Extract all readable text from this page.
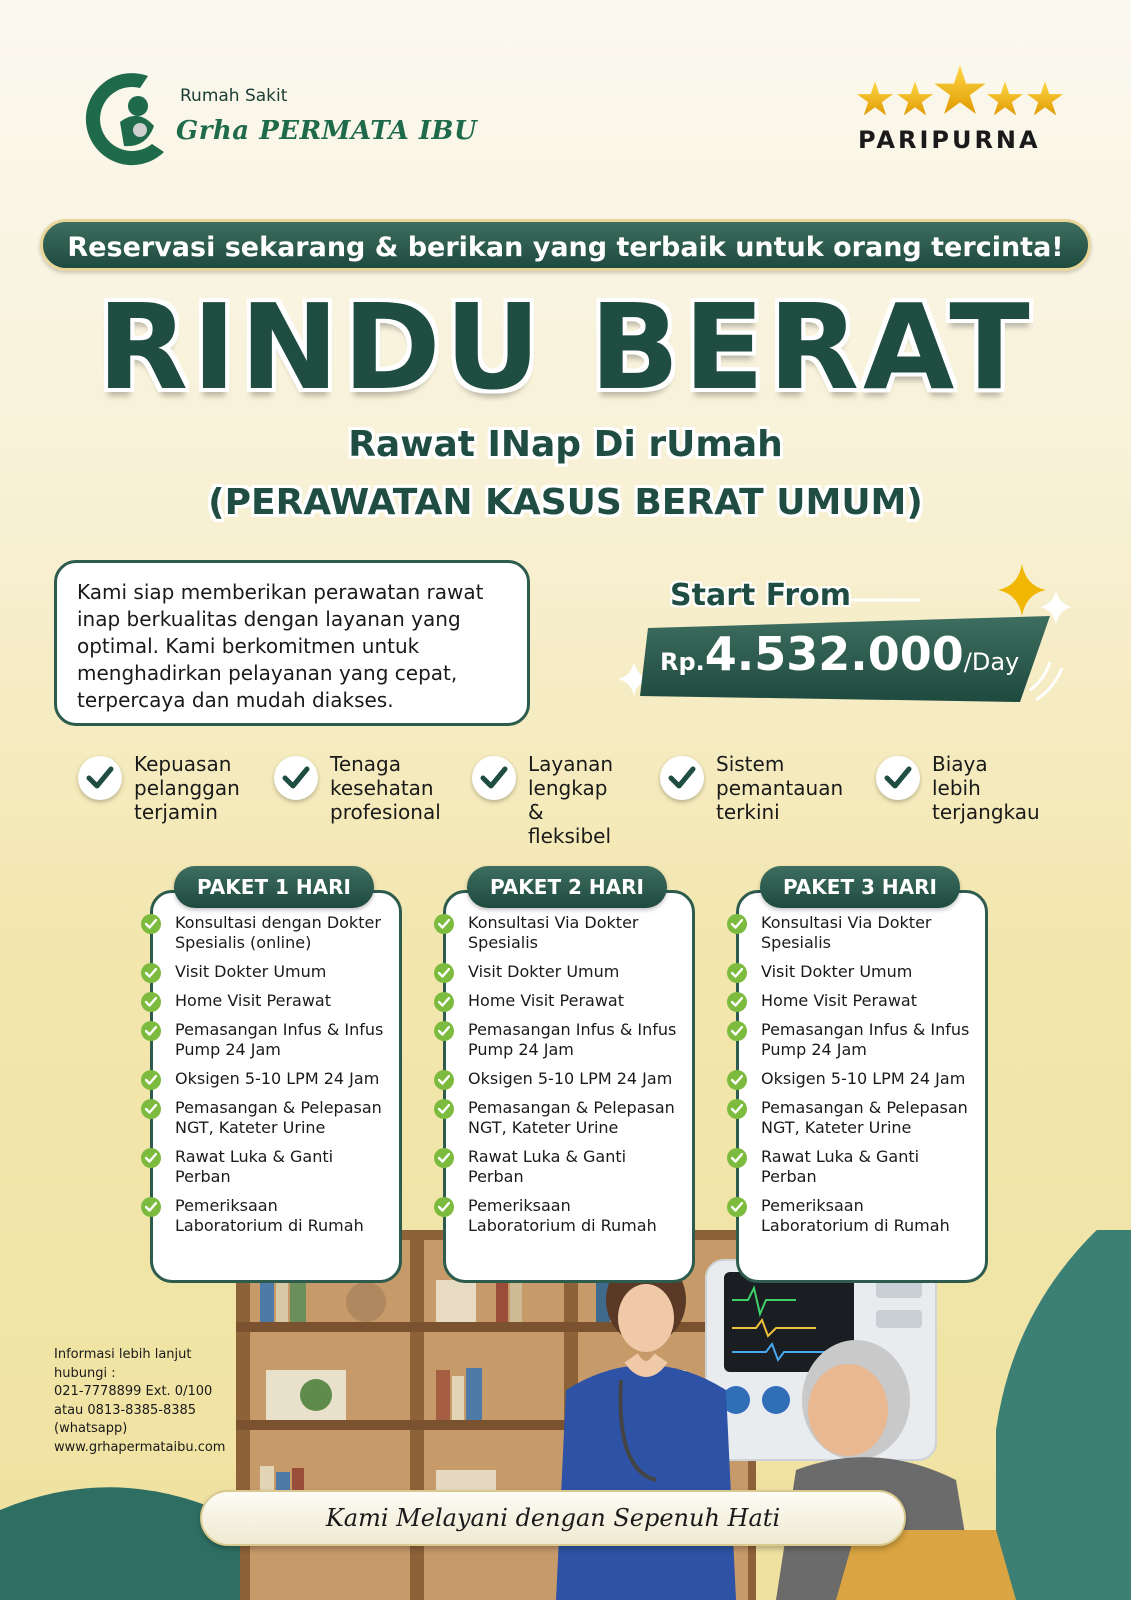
Rumah Sakit
Grha PERMATA IBU	PARIPURNA
Reservasi sekarang & berikan yang terbaik untuk orang tercinta!
RINDU BERAT
Rawat INap Di rUmah
(PERAWATAN KASUS BERAT UMUM)
Kami siap memberikan perawatan rawat inap berkualitas dengan layanan yang optimal. Kami berkomitmen untuk menghadirkan pelayanan yang cepat, terpercaya dan mudah diakses.
Start From
Rp.4.532.000/Day
Kepuasan
pelanggan
terjamin
Tenaga
kesehatan
profesional
Layanan
lengkap &
fleksibel
Sistem
pemantauan
terkini
Biaya lebih
terjangkau
Konsultasi dengan Dokter
Spesialis (online)
Visit Dokter Umum
Home Visit Perawat
Pemasangan Infus & Infus
Pump 24 Jam
Oksigen 5-10 LPM 24 Jam
Pemasangan & Pelepasan
NGT, Kateter Urine
Rawat Luka & Ganti
Perban
Pemeriksaan
Laboratorium di Rumah
Konsultasi Via Dokter
Spesialis
Visit Dokter Umum
Home Visit Perawat
Pemasangan Infus & Infus
Pump 24 Jam
Oksigen 5-10 LPM 24 Jam
Pemasangan & Pelepasan
NGT, Kateter Urine
Rawat Luka & Ganti
Perban
Pemeriksaan
Laboratorium di Rumah
Konsultasi Via Dokter
Spesialis
Visit Dokter Umum
Home Visit Perawat
Pemasangan Infus & Infus
Pump 24 Jam
Oksigen 5-10 LPM 24 Jam
Pemasangan & Pelepasan
NGT, Kateter Urine
Rawat Luka & Ganti
Perban
Pemeriksaan
Laboratorium di Rumah
PAKET 1 HARI	PAKET 2 HARI	PAKET 3 HARI
Informasi lebih lanjut
hubungi :
021-7778899 Ext. 0/100
atau 0813-8385-8385
(whatsapp)
www.grhapermataibu.com
Kami Melayani dengan Sepenuh Hati
